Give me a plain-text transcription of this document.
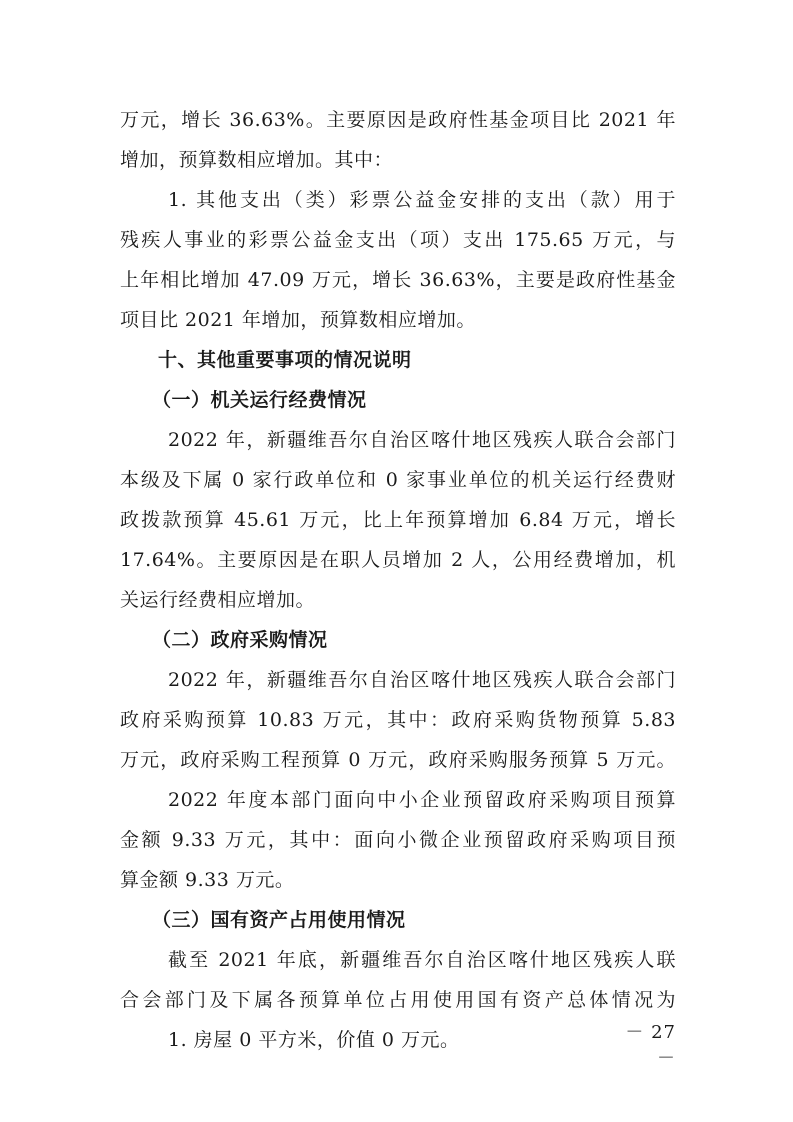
万元，增长 36.63%。主要原因是政府性基金项目比 2021 年
增加，预算数相应增加。其中：
1. 其他支出（类）彩票公益金安排的支出（款）用于
残疾人事业的彩票公益金支出（项）支出 175.65 万元，与
上年相比增加 47.09 万元，增长 36.63%，主要是政府性基金
项目比 2021 年增加，预算数相应增加。
十、其他重要事项的情况说明
（一）机关运行经费情况
2022 年，新疆维吾尔自治区喀什地区残疾人联合会部门
本级及下属 0 家行政单位和 0 家事业单位的机关运行经费财
政拨款预算 45.61 万元，比上年预算增加 6.84 万元，增长
17.64%。主要原因是在职人员增加 2 人，公用经费增加，机
关运行经费相应增加。
（二）政府采购情况
2022 年，新疆维吾尔自治区喀什地区残疾人联合会部门
政府采购预算 10.83 万元，其中：政府采购货物预算 5.83
万元，政府采购工程预算 0 万元，政府采购服务预算 5 万元。
2022 年度本部门面向中小企业预留政府采购项目预算
金额 9.33 万元，其中：面向小微企业预留政府采购项目预
算金额 9.33 万元。
（三）国有资产占用使用情况
截至 2021 年底，新疆维吾尔自治区喀什地区残疾人联
合会部门及下属各预算单位占用使用国有资产总体情况为
1. 房屋 0 平方米，价值 0 万元。	－ 27 －
